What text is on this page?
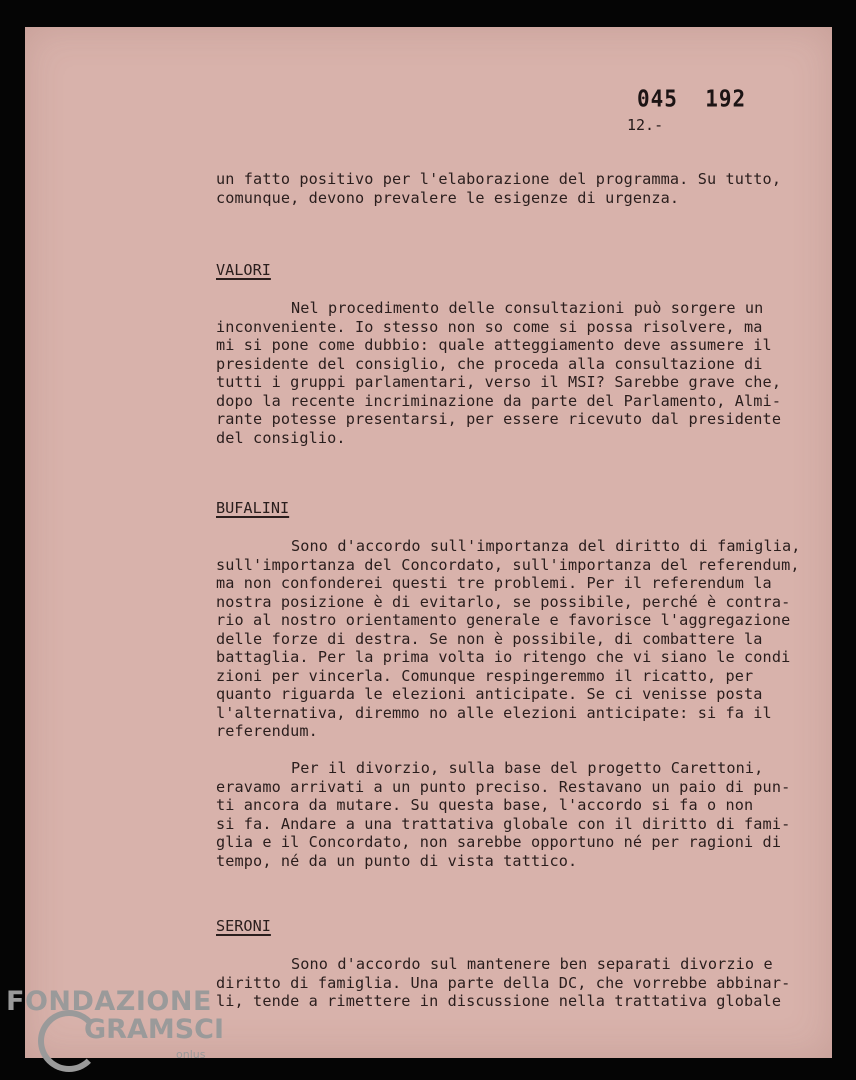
045  192
12.-
un fatto positivo per l'elaborazione del programma. Su tutto,
comunque, devono prevalere le esigenze di urgenza.
VALORI
Nel procedimento delle consultazioni può sorgere un
inconveniente. Io stesso non so come si possa risolvere, ma
mi si pone come dubbio: quale atteggiamento deve assumere il
presidente del consiglio, che proceda alla consultazione di
tutti i gruppi parlamentari, verso il MSI? Sarebbe grave che,
dopo la recente incriminazione da parte del Parlamento, Almi-
rante potesse presentarsi, per essere ricevuto dal presidente
del consiglio.
BUFALINI
Sono d'accordo sull'importanza del diritto di famiglia,
sull'importanza del Concordato, sull'importanza del referendum,
ma non confonderei questi tre problemi. Per il referendum la
nostra posizione è di evitarlo, se possibile, perché è contra-
rio al nostro orientamento generale e favorisce l'aggregazione
delle forze di destra. Se non è possibile, di combattere la
battaglia. Per la prima volta io ritengo che vi siano le condi
zioni per vincerla. Comunque respingeremmo il ricatto, per
quanto riguarda le elezioni anticipate. Se ci venisse posta
l'alternativa, diremmo no alle elezioni anticipate: si fa il
referendum.
Per il divorzio, sulla base del progetto Carettoni,
eravamo arrivati a un punto preciso. Restavano un paio di pun-
ti ancora da mutare. Su questa base, l'accordo si fa o non
si fa. Andare a una trattativa globale con il diritto di fami-
glia e il Concordato, non sarebbe opportuno né per ragioni di
tempo, né da un punto di vista tattico.
SERONI
Sono d'accordo sul mantenere ben separati divorzio e
diritto di famiglia. Una parte della DC, che vorrebbe abbinar-
li, tende a rimettere in discussione nella trattativa globale
FONDAZIONE
GRAMSCI
onlus
